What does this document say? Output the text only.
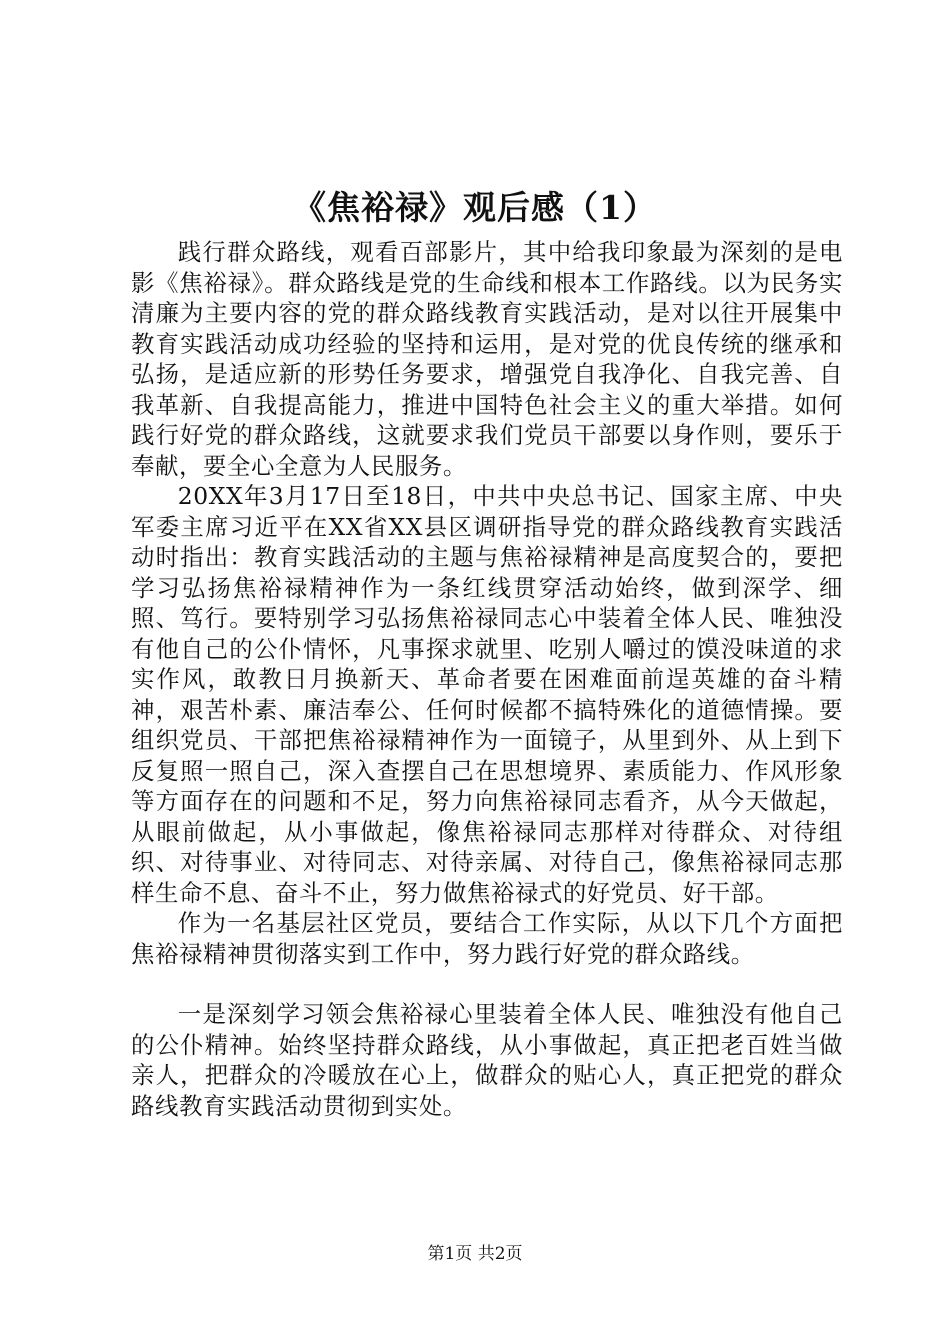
《焦裕禄》观后感（1）

践行群众路线，观看百部影片，其中给我印象最为深刻的是电影《焦裕禄》。群众路线是党的生命线和根本工作路线。以为民务实清廉为主要内容的党的群众路线教育实践活动，是对以往开展集中教育实践活动成功经验的坚持和运用，是对党的优良传统的继承和弘扬，是适应新的形势任务要求，增强党自我净化、自我完善、自我革新、自我提高能力，推进中国特色社会主义的重大举措。如何践行好党的群众路线，这就要求我们党员干部要以身作则，要乐于奉献，要全心全意为人民服务。

20XX年3月17日至18日，中共中央总书记、国家主席、中央军委主席习近平在XX省XX县区调研指导党的群众路线教育实践活动时指出：教育实践活动的主题与焦裕禄精神是高度契合的，要把学习弘扬焦裕禄精神作为一条红线贯穿活动始终，做到深学、细照、笃行。要特别学习弘扬焦裕禄同志心中装着全体人民、唯独没有他自己的公仆情怀，凡事探求就里、吃别人嚼过的馍没味道的求实作风，敢教日月换新天、革命者要在困难面前逞英雄的奋斗精神，艰苦朴素、廉洁奉公、任何时候都不搞特殊化的道德情操。要组织党员、干部把焦裕禄精神作为一面镜子，从里到外、从上到下反复照一照自己，深入查摆自己在思想境界、素质能力、作风形象等方面存在的问题和不足，努力向焦裕禄同志看齐，从今天做起，从眼前做起，从小事做起，像焦裕禄同志那样对待群众、对待组织、对待事业、对待同志、对待亲属、对待自己，像焦裕禄同志那样生命不息、奋斗不止，努力做焦裕禄式的好党员、好干部。

作为一名基层社区党员，要结合工作实际，从以下几个方面把焦裕禄精神贯彻落实到工作中，努力践行好党的群众路线。

一是深刻学习领会焦裕禄心里装着全体人民、唯独没有他自己的公仆精神。始终坚持群众路线，从小事做起，真正把老百姓当做亲人，把群众的冷暖放在心上，做群众的贴心人，真正把党的群众路线教育实践活动贯彻到实处。

第1页 共2页
